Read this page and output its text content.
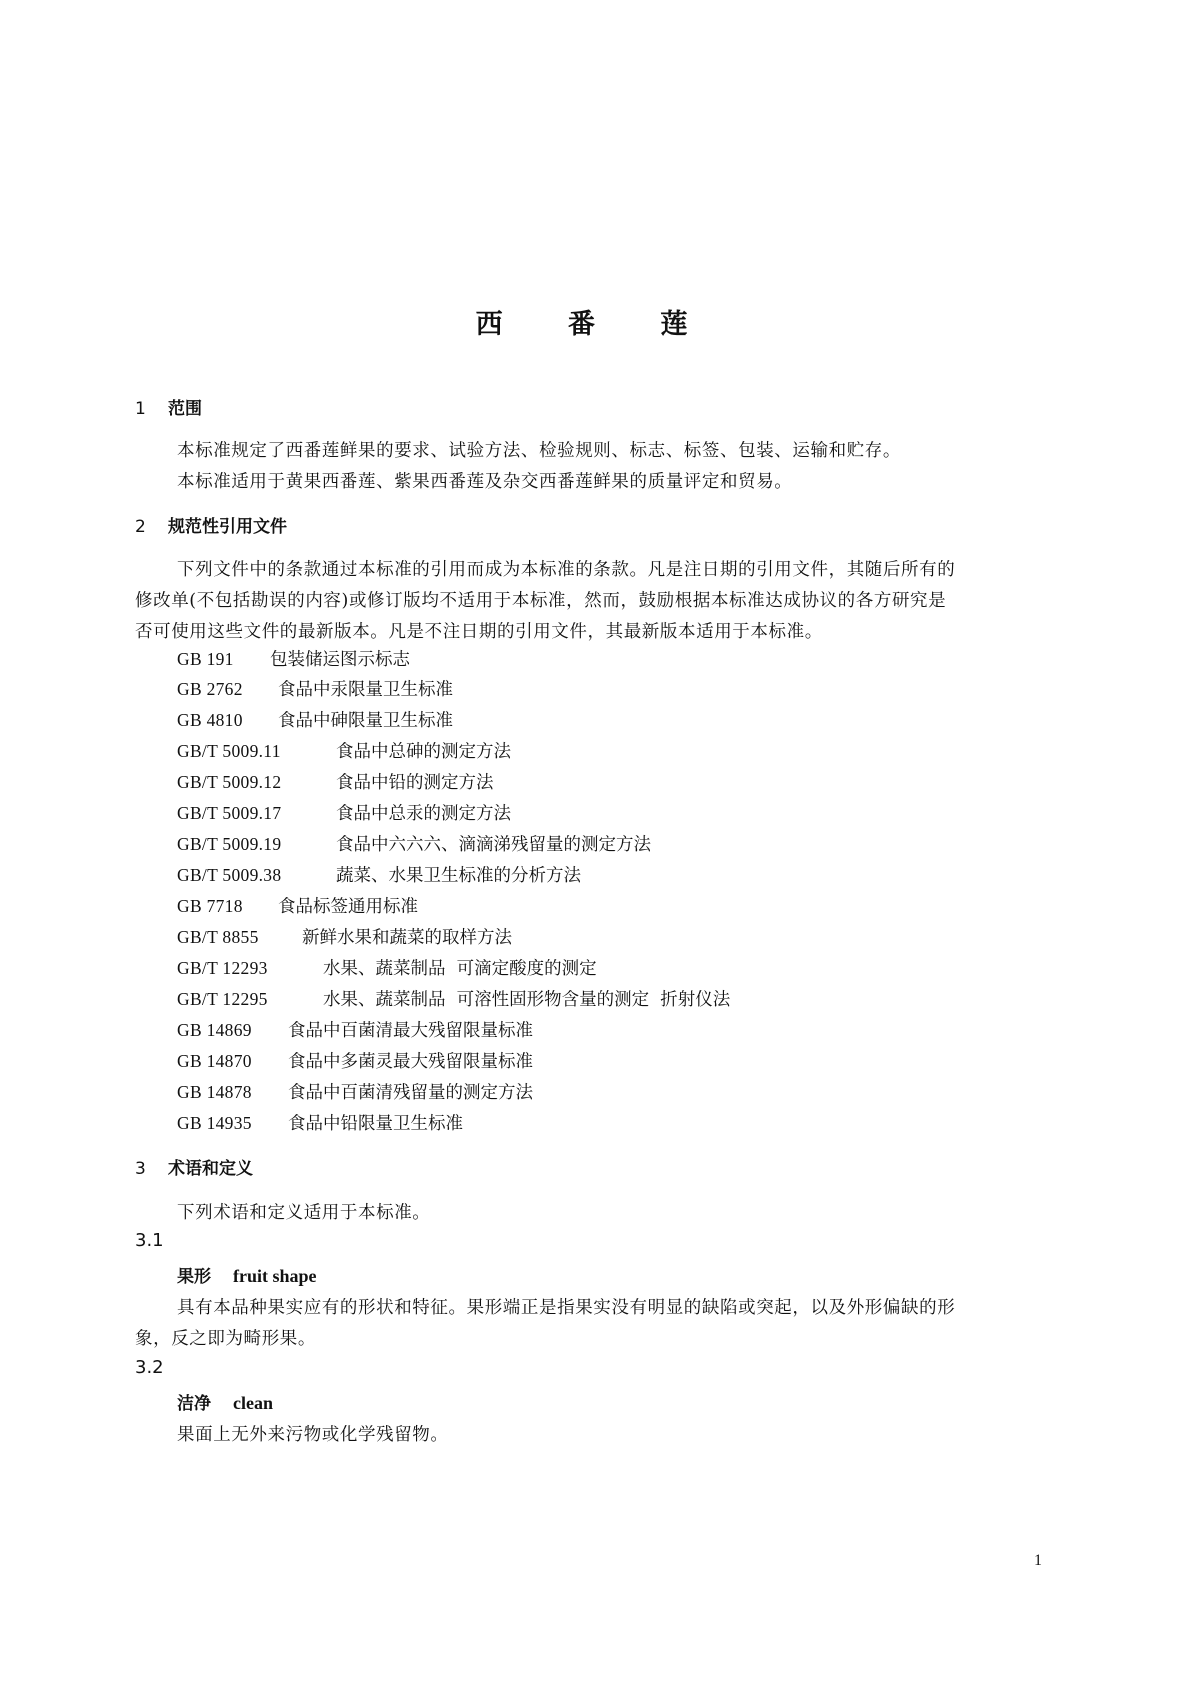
西 番 莲
1 范围
本标准规定了西番莲鲜果的要求、试验方法、检验规则、标志、标签、包装、运输和贮存。
本标准适用于黄果西番莲、紫果西番莲及杂交西番莲鲜果的质量评定和贸易。
2 规范性引用文件
下列文件中的条款通过本标准的引用而成为本标准的条款。凡是注日期的引用文件，其随后所有的
修改单(不包括勘误的内容)或修订版均不适用于本标准，然而，鼓励根据本标准达成协议的各方研究是
否可使用这些文件的最新版本。凡是不注日期的引用文件，其最新版本适用于本标准。
GB 191 包装储运图示标志
GB 2762 食品中汞限量卫生标准
GB 4810 食品中砷限量卫生标准
GB/T 5009.11	食品中总砷的测定方法
GB/T 5009.12	食品中铅的测定方法
GB/T 5009.17	食品中总汞的测定方法
GB/T 5009.19	食品中六六六、滴滴涕残留量的测定方法
GB/T 5009.38	蔬菜、水果卫生标准的分析方法
GB 7718 食品标签通用标准
GB/T 8855 新鲜水果和蔬菜的取样方法
GB/T 12293	水果、蔬菜制品  可滴定酸度的测定
GB/T 12295	水果、蔬菜制品  可溶性固形物含量的测定  折射仪法
GB 14869 食品中百菌清最大残留限量标准
GB 14870 食品中多菌灵最大残留限量标准
GB 14878 食品中百菌清残留量的测定方法
GB 14935 食品中铅限量卫生标准
3 术语和定义
下列术语和定义适用于本标准。
3.1
果形 fruit shape
具有本品种果实应有的形状和特征。果形端正是指果实没有明显的缺陷或突起，以及外形偏缺的形
象，反之即为畸形果。
3.2
洁净 clean
果面上无外来污物或化学残留物。
1
